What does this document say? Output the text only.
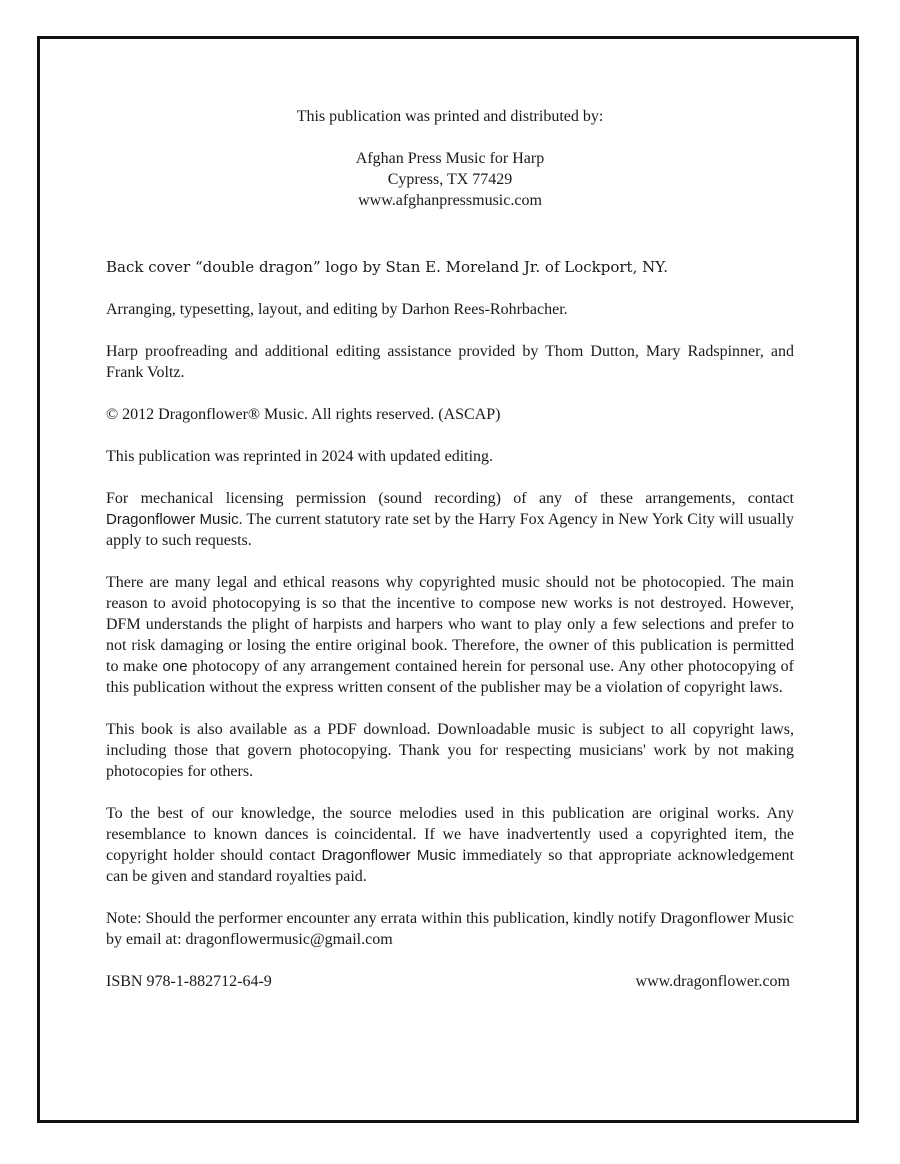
This publication was printed and distributed by:
Afghan Press Music for Harp
Cypress, TX 77429
www.afghanpressmusic.com

Back cover “double dragon” logo by Stan E. Moreland Jr. of Lockport, NY.

Arranging, typesetting, layout, and editing by Darhon Rees-Rohrbacher.

Harp proofreading and additional editing assistance provided by Thom Dutton, Mary Radspinner, and Frank Voltz.

© 2012 Dragonflower® Music. All rights reserved. (ASCAP)

This publication was reprinted in 2024 with updated editing.

For mechanical licensing permission (sound recording) of any of these arrangements, contact Dragonflower Music. The current statutory rate set by the Harry Fox Agency in New York City will usually apply to such requests.

There are many legal and ethical reasons why copyrighted music should not be photocopied. The main reason to avoid photocopying is so that the incentive to compose new works is not destroyed. However, DFM understands the plight of harpists and harpers who want to play only a few selections and prefer to not risk damaging or losing the entire original book. Therefore, the owner of this publication is permitted to make one photocopy of any arrangement contained herein for personal use. Any other photocopying of this publication without the express written consent of the publisher may be a violation of copyright laws.

This book is also available as a PDF download. Downloadable music is subject to all copyright laws, including those that govern photocopying. Thank you for respecting musicians' work by not making photocopies for others.

To the best of our knowledge, the source melodies used in this publication are original works. Any resemblance to known dances is coincidental. If we have inadvertently used a copyrighted item, the copyright holder should contact Dragonflower Music immediately so that appropriate acknowledgement can be given and standard royalties paid.

Note: Should the performer encounter any errata within this publication, kindly notify Dragonflower Music by email at: dragonflowermusic@gmail.com

ISBN 978-1-882712-64-9	www.dragonflower.com
